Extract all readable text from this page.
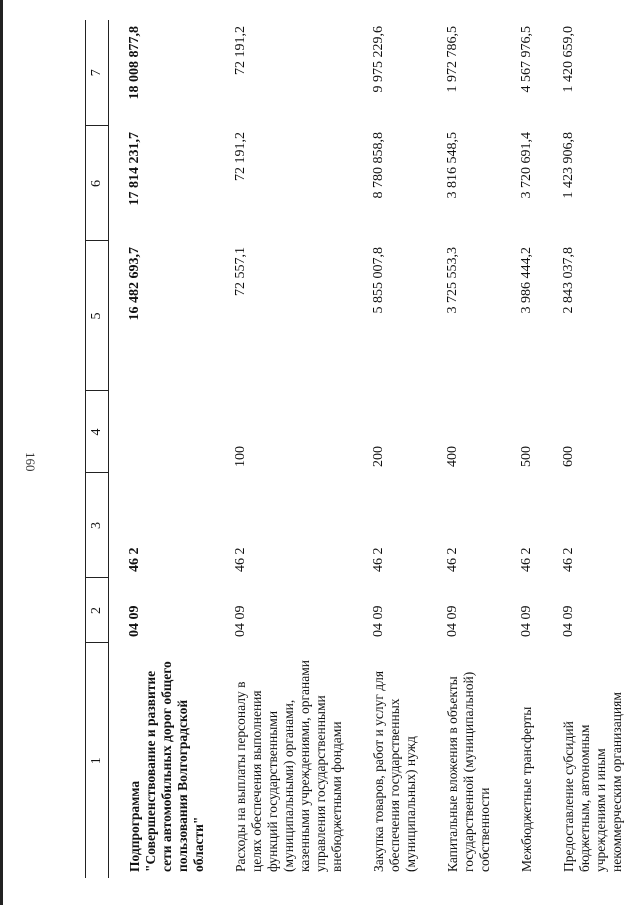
160
1	2	3	4	5	6	7
Подпрограмма "Совершенствование и развитие сети автомобильных дорог общего пользования Волгоградской области"	04 09	46 2		16 482 693,7	17 814 231,7	18 008 877,8
Расходы на выплаты персоналу в целях обеспечения выполнения функций государственными (муниципальными) органами, казенными учреждениями, органами управления государственными внебюджетными фондами	04 09	46 2	100	72 557,1	72 191,2	72 191,2
Закупка товаров, работ и услуг для обеспечения государственных (муниципальных) нужд	04 09	46 2	200	5 855 007,8	8 780 858,8	9 975 229,6
Капитальные вложения в объекты государственной (муниципальной) собственности	04 09	46 2	400	3 725 553,3	3 816 548,5	1 972 786,5
Межбюджетные трансферты	04 09	46 2	500	3 986 444,2	3 720 691,4	4 567 976,5
Предоставление субсидий бюджетным, автономным учреждениям и иным некоммерческим организациям	04 09	46 2	600	2 843 037,8	1 423 906,8	1 420 659,0
